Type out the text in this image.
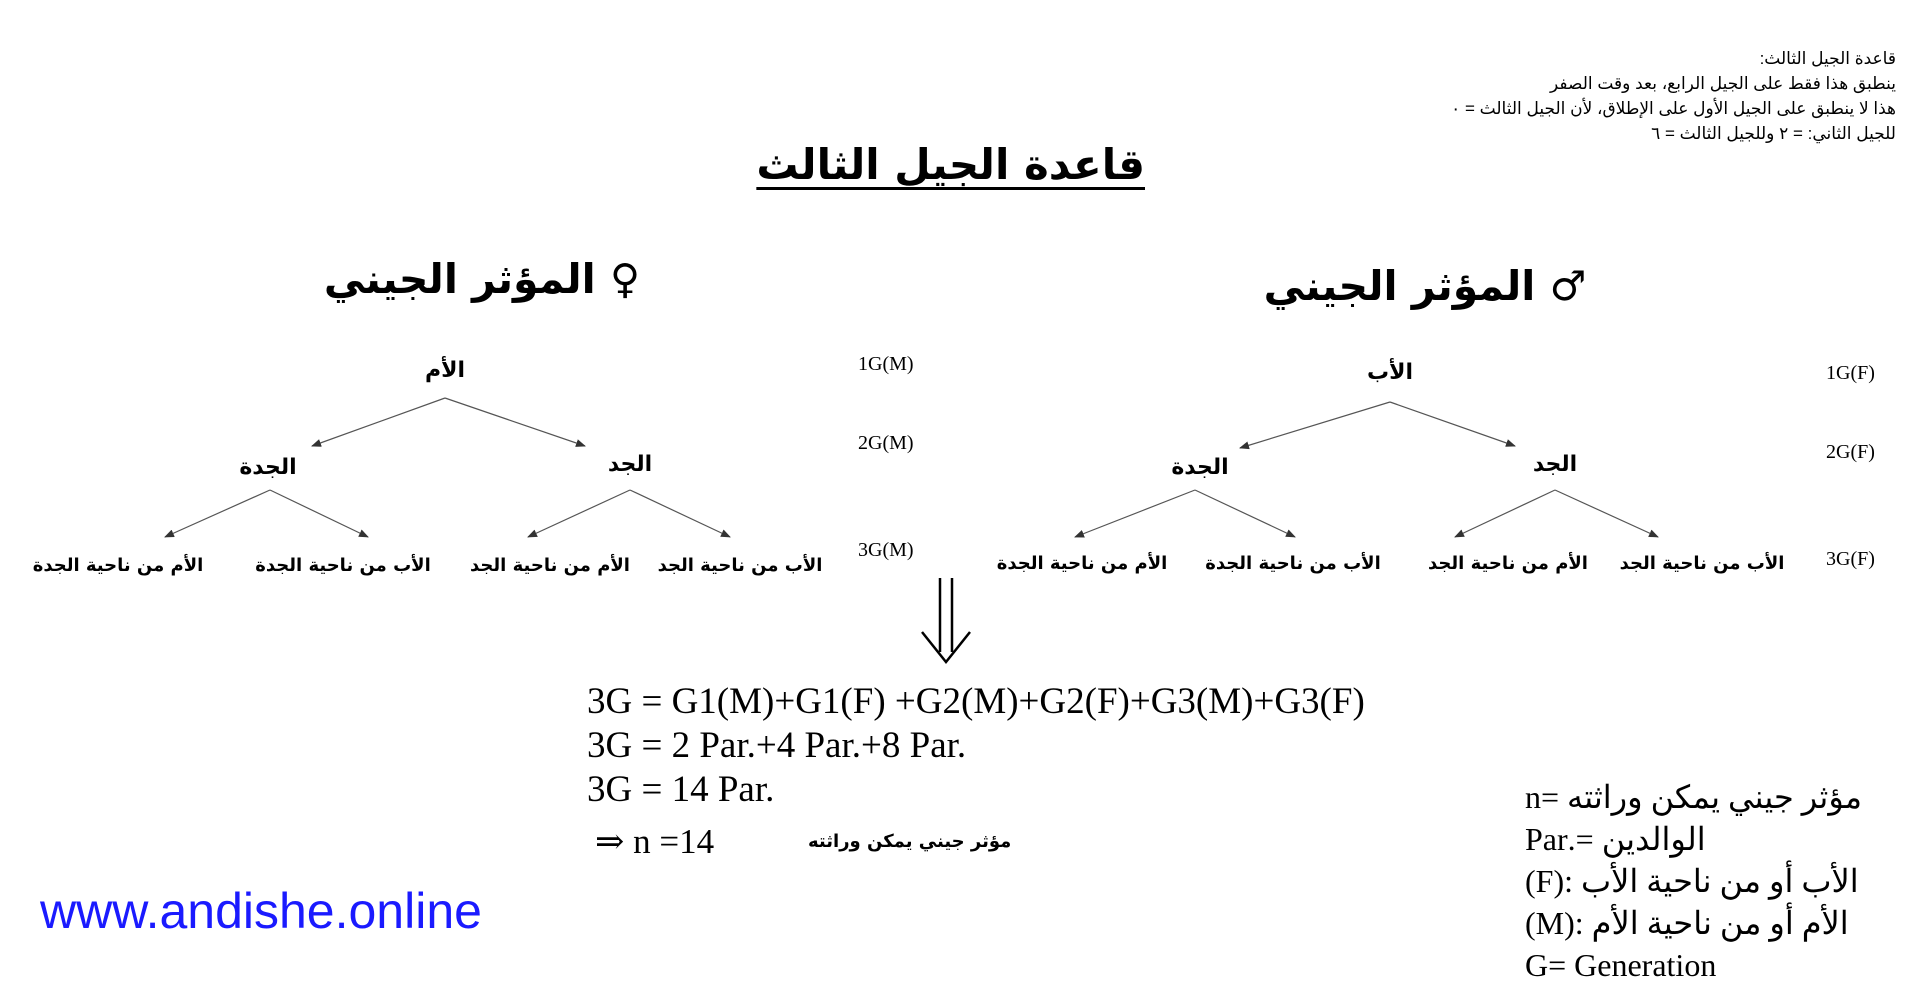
قاعدة الجيل الثالث:
ينطبق هذا فقط على الجيل الرابع، بعد وقت الصفر
هذا لا ينطبق على الجيل الأول على الإطلاق، لأن الجيل الثالث = ٠
للجيل الثاني: = ٢ وللجيل الثالث = ٦
قاعدة الجيل الثالث
♂ المؤثر الجيني
الأب
الجدة	الجد
الأم من ناحية الجدة الأب من ناحية الجدة	الأم من ناحية الجد الأب من ناحية الجد
1G(F)
2G(F)
3G(F)
♀ المؤثر الجيني
الأم
الجدة	الجد
الأم من ناحية الجدة	الأب من ناحية الجدة الأم من ناحية الجد الأب من ناحية الجد
1G(M)
2G(M)
3G(M)
3G = G1(M)+G1(F) +G2(M)+G2(F)+G3(M)+G3(F)
3G = 2 Par.+4 Par.+8 Par.
3G = 14 Par.
⇒ n =14	مؤثر جيني يمكن وراثته
مؤثر جيني يمكن وراثته =n
الوالدين =.Par
الأب أو من ناحية الأب :(F)
الأم أو من ناحية الأم :(M)
G= Generation
www.andishe.online
